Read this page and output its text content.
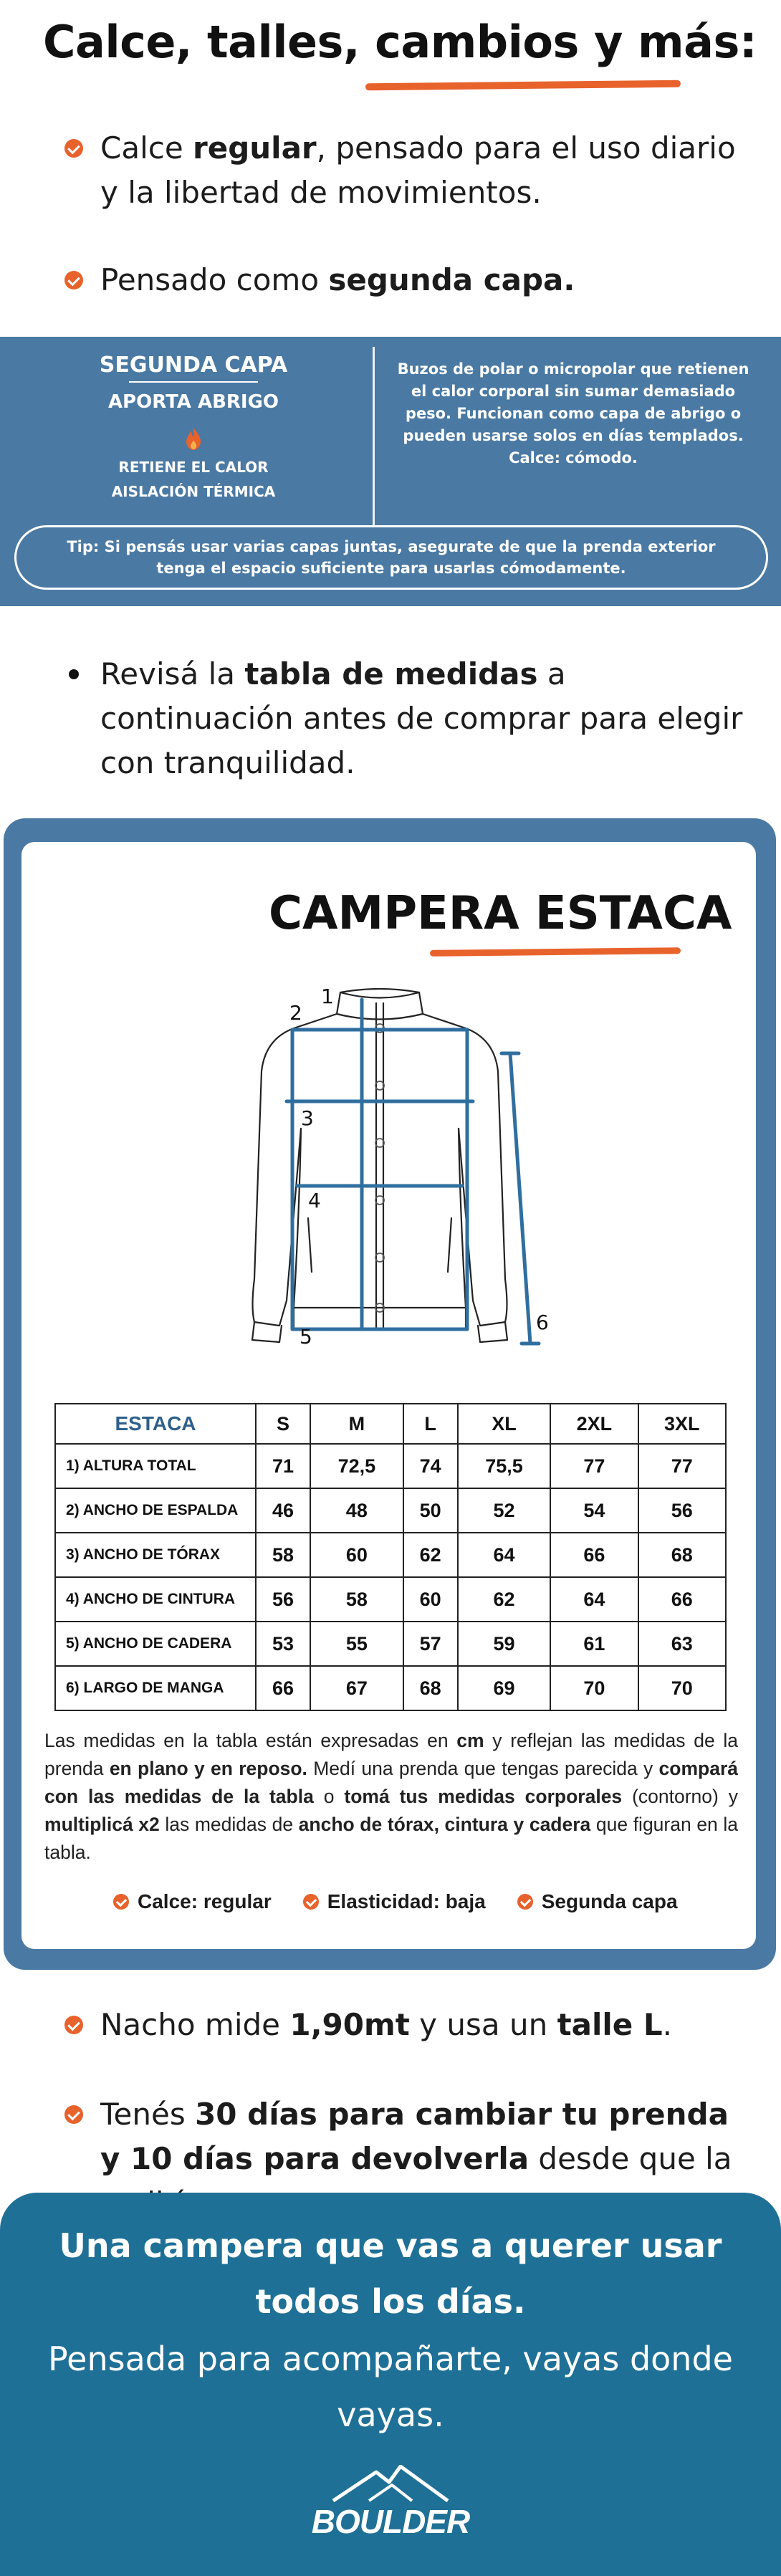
Calce, talles, cambios y más:
Calce regular, pensado para el uso diario y la libertad de movimientos.
Pensado como segunda capa.
SEGUNDA CAPA
APORTA ABRIGO
RETIENE EL CALOR
AISLACIÓN TÉRMICA
Buzos de polar o micropolar que retienen el calor corporal sin sumar demasiado peso. Funcionan como capa de abrigo o pueden usarse solos en días templados. Calce: cómodo.
Tip: Si pensás usar varias capas juntas, asegurate de que la prenda exterior tenga el espacio suficiente para usarlas cómodamente.
Revisá la tabla de medidas a continuación antes de comprar para elegir con tranquilidad.
CAMPERA ESTACA
1
2
3
4
5
6
ESTACA	S	M	L	XL	2XL	3XL
1) ALTURA TOTAL	71	72,5	74	75,5	77	77
2) ANCHO DE ESPALDA	46	48	50	52	54	56
3) ANCHO DE TÓRAX	58	60	62	64	66	68
4) ANCHO DE CINTURA	56	58	60	62	64	66
5) ANCHO DE CADERA	53	55	57	59	61	63
6) LARGO DE MANGA	66	67	68	69	70	70
Las medidas en la tabla están expresadas en cm y reflejan las medidas de la prenda en plano y en reposo. Medí una prenda que tengas parecida y compará con las medidas de la tabla o tomá tus medidas corporales (contorno) y multiplicá x2 las medidas de ancho de tórax, cintura y cadera que figuran en la tabla.
Calce: regular	Elasticidad: baja	Segunda capa
Nacho mide 1,90mt y usa un talle L.
Tenés 30 días para cambiar tu prenda y 10 días para devolverla desde que la
Una campera que vas a querer usar todos los días.
Pensada para acompañarte, vayas donde vayas.
BOULDER
